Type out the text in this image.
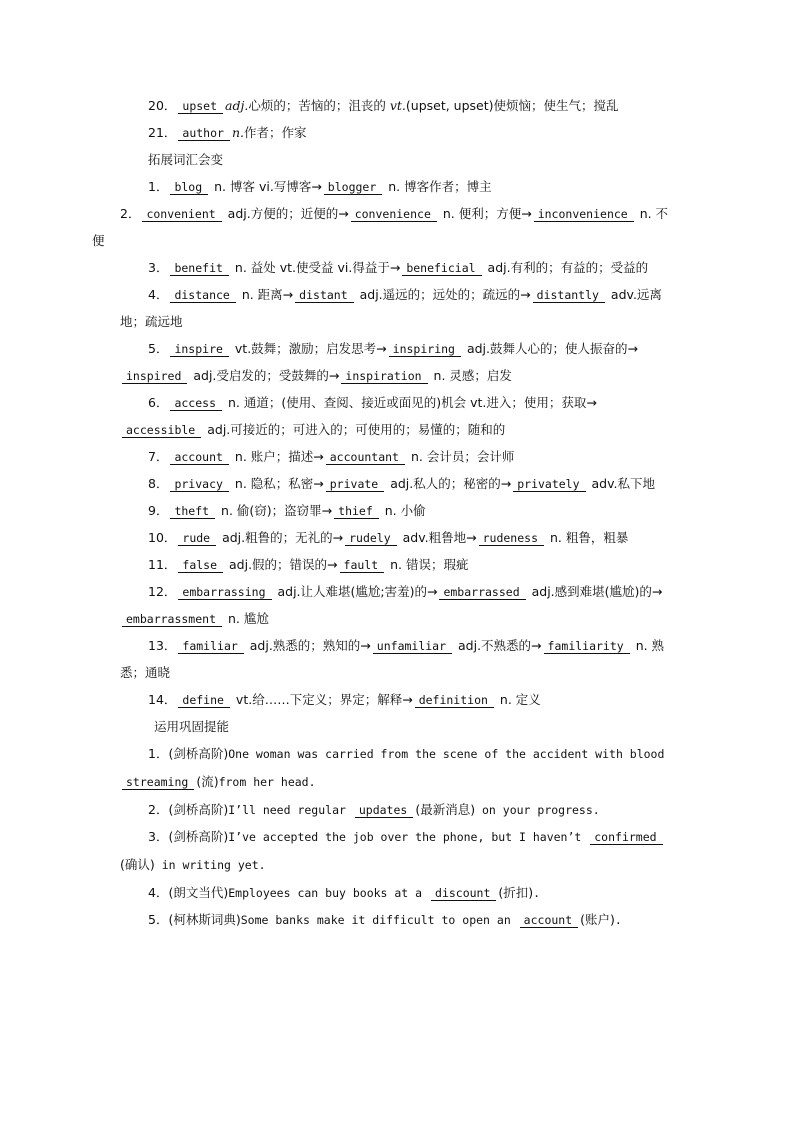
20． upset adj.心烦的；苦恼的；沮丧的 vt.(upset, upset)使烦恼；使生气；搅乱
21． author n.作者；作家
拓展词汇会变
1． blog n. 博客 vi.写博客→ blogger n. 博客作者；博主
2． convenient adj.方便的；近便的→ convenience n. 便利；方便→ inconvenience n. 不便
3． benefit n. 益处 vt.使受益 vi.得益于→ beneficial adj.有利的；有益的；受益的
4． distance n. 距离→ distant adj.遥远的；远处的；疏远的→ distantly adv.远离地；疏远地
5． inspire vt.鼓舞；激励；启发思考→ inspiring adj.鼓舞人心的；使人振奋的→inspired adj.受启发的；受鼓舞的→ inspiration n. 灵感；启发
6． access n. 通道；(使用、查阅、接近或面见的)机会 vt.进入；使用；获取→accessible adj.可接近的；可进入的；可使用的；易懂的；随和的
7． account n. 账户；描述→ accountant n. 会计员；会计师
8． privacy n. 隐私；私密→ private adj.私人的；秘密的→ privately adv.私下地
9． theft n. 偷(窃)；盗窃罪→ thief n. 小偷
10． rude adj.粗鲁的；无礼的→ rudely adv.粗鲁地→ rudeness n. 粗鲁，粗暴
11． false adj.假的；错误的→ fault n. 错误；瑕疵
12． embarrassing adj.让人难堪(尴尬;害羞)的→ embarrassed adj.感到难堪(尴尬)的→embarrassment n. 尴尬
13． familiar adj.熟悉的；熟知的→ unfamiliar adj.不熟悉的→ familiarity n. 熟悉；通晓
14． define vt.给……下定义；界定；解释→ definition n. 定义
运用巩固提能
1．(剑桥高阶)One woman was carried from the scene of the accident with blood streaming (流)from her head.
2．(剑桥高阶)I’ll need regular updates (最新消息) on your progress.
3．(剑桥高阶)I’ve accepted the job over the phone, but I haven’t confirmed(确认) in writing yet.
4．(朗文当代)Employees can buy books at a discount (折扣).
5．(柯林斯词典)Some banks make it difficult to open an account (账户).
